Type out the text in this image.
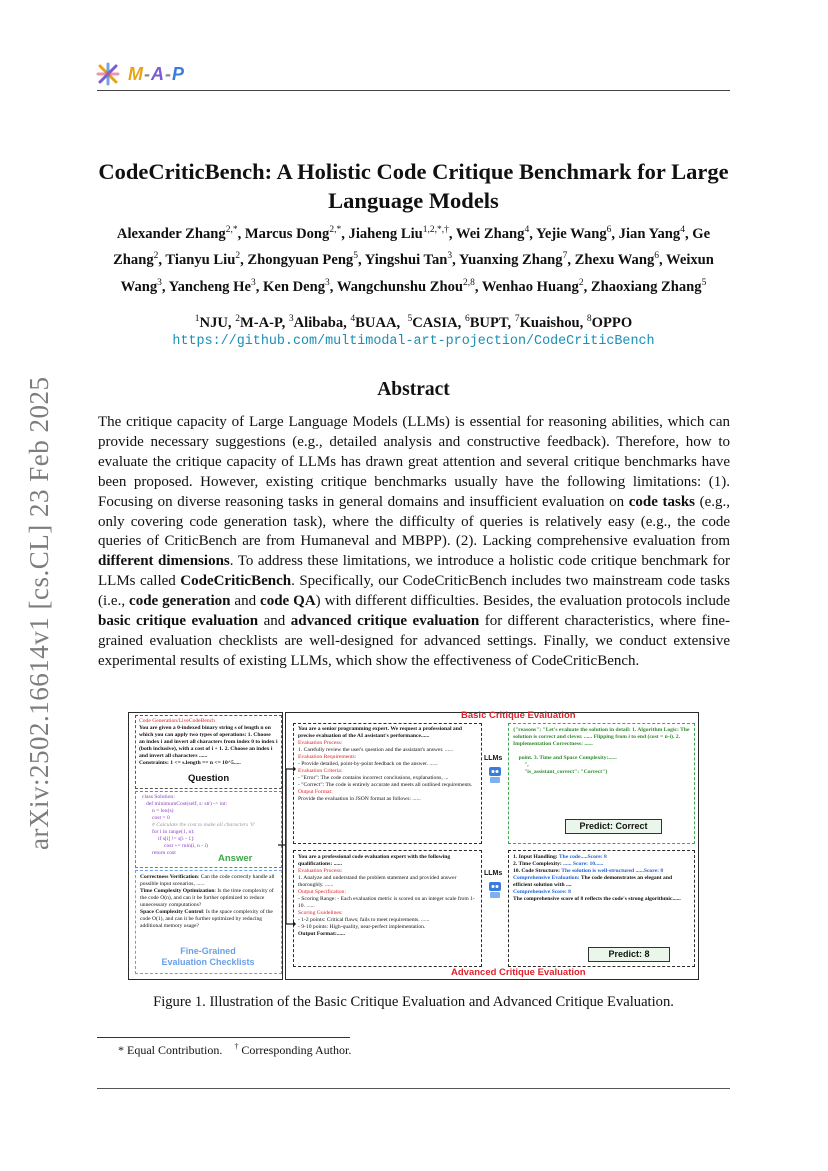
M-A-P
arXiv:2502.16614v1 [cs.CL] 23 Feb 2025
CodeCriticBench: A Holistic Code Critique Benchmark for Large Language Models
Alexander Zhang$^{2,*}$, Marcus Dong$^{2,*}$, Jiaheng Liu$^{1,2,*,\dagger}$, Wei Zhang$^4$, Yejie Wang$^6$, Jian Yang$^4$, Ge Zhang$^2$, Tianyu Liu$^2$, Zhongyuan Peng$^5$, Yingshui Tan$^3$, Yuanxing Zhang$^7$, Zhexu Wang$^6$, Weixun Wang$^3$, Yancheng He$^3$, Ken Deng$^3$, Wangchunshu Zhou$^{2,8}$, Wenhao Huang$^2$, Zhaoxiang Zhang$^5$
$^1$NJU, $^2$M-A-P, $^3$Alibaba, $^4$BUAA,  $^5$CASIA, $^6$BUPT, $^7$Kuaishou, $^8$OPPO
https://github.com/multimodal-art-projection/CodeCriticBench
Abstract
The critique capacity of Large Language Models (LLMs) is essential for reasoning abilities, which can provide necessary suggestions (e.g., detailed analysis and constructive feedback). Therefore, how to evaluate the critique capacity of LLMs has drawn great attention and several critique benchmarks have been proposed. However, existing critique benchmarks usually have the following limitations: (1). Focusing on diverse reasoning tasks in general domains and insufficient evaluation on code tasks (e.g., only covering code generation task), where the difficulty of queries is relatively easy (e.g., the code queries of CriticBench are from Humaneval and MBPP). (2). Lacking comprehensive evaluation from different dimensions. To address these limitations, we introduce a holistic code critique benchmark for LLMs called CodeCriticBench. Specifically, our CodeCriticBench includes two mainstream code tasks (i.e., code generation and code QA) with different difficulties. Besides, the evaluation protocols include basic critique evaluation and advanced critique evaluation for different characteristics, where fine-grained evaluation checklists are well-designed for advanced settings. Finally, we conduct extensive experimental results of existing LLMs, which show the effectiveness of CodeCriticBench.
Code Generation/LiveCodeBench
You are given a 0-indexed binary string s of length n on which you can apply two types of operations: 1. Choose an index i and invert all characters from index 0 to index i (both inclusive), with a cost of i + 1. 2. Choose an index i and invert all characters ......
Constraints: 1 <= s.length == n <= 10^5.....
Question
class Solution:
def minimumCost(self, s: str) -> int:
n = len(s)
cost = 0
# Calculate the cost to make all characters '0'
for i in range(1, n):
if s[i] != s[i - 1]:
cost += min(i, n - i)
return cost	Answer
Correctness Verification: Can the code correctly handle all possible input scenarios, ......
Time Complexity Optimization: Is the time complexity of the code O(n), and can it be further optimized to reduce unnecessary computations?
Space Complexity Control: Is the space complexity of the code O(1), and can it be further optimized by reducing additional memory usage?
Fine-Grained
Evaluation Checklists
Basic Critique Evaluation
Advanced Critique Evaluation
You are a senior programming expert. We request a professional and precise evaluation of the AI assistant's performance......
Evaluation Process:
1. Carefully review the user's question and the assistant's answer. ......
Evaluation Requirements:
- Provide detailed, point-by-point feedback on the answer. ......
Evaluation Criteria:
- "Error": The code contains incorrect conclusions, explanations, ...
- "Correct": The code is entirely accurate and meets all outlined requirements.
Output Format:
Provide the evaluation in JSON format as follows: ......
LLMs
{"reasons": "Let's evaluate the solution in detail: 1. Algorithm Logic: The solution is correct and clever. ...... Flipping from i to end (cost = n-i). 2. Implementation Correctness: ......

point. 3. Time and Space Complexity:......
",
"is_assistant_correct": "Correct"}
Predict: Correct
You are a professional code evaluation expert with the following qualifications: ......
Evaluation Process:
1. Analyze and understand the problem statement and provided answer thoroughly. ......
Output Specification:
- Scoring Range: - Each evaluation metric is scored on an integer scale from 1-10. ......
Scoring Guidelines:
- 1-2 points: Critical flaws; fails to meet requirements. ......
- 9-10 points: High-quality, near-perfect implementation.
Output Format:......
LLMs
1. Input Handling: The code.....Score: 8
2. Time Complexity: ...... Score: 10......
10. Code Structure: The solution is well-structured ......Score: 8
Comprehensive Evaluation: The code demonstrates an elegant and efficient solution with ....
Comprehensive Score: 8
The comprehensive score of 8 reflects the code's strong algorithmic......
Predict: 8
Figure 1. Illustration of the Basic Critique Evaluation and Advanced Critique Evaluation.
* Equal Contribution.    † Corresponding Author.
